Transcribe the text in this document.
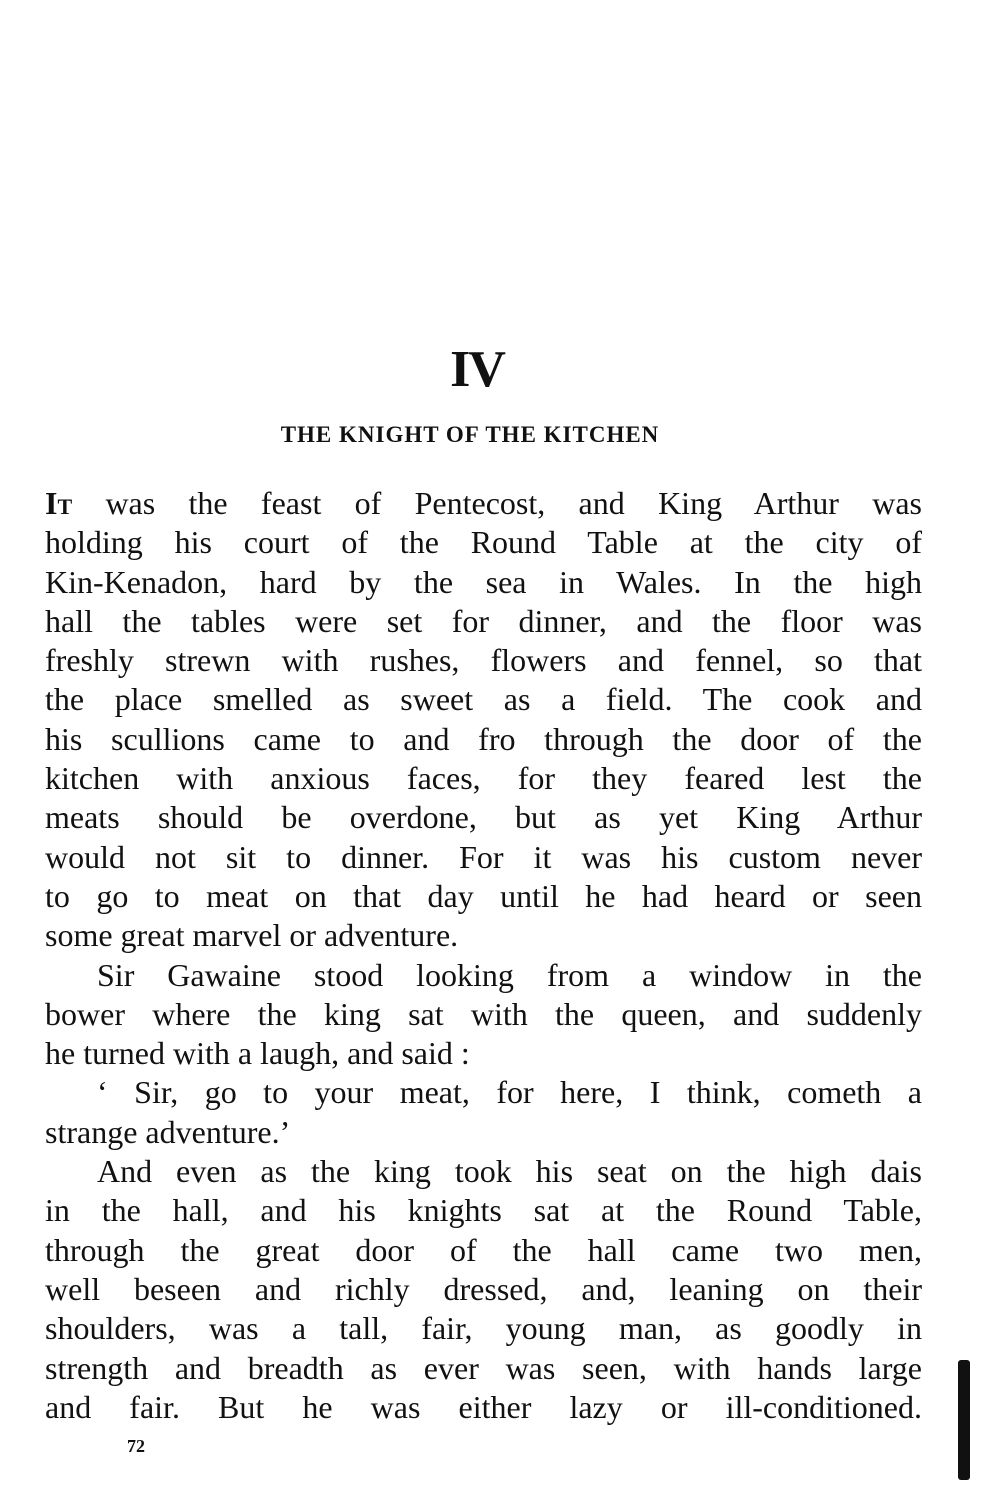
IV
THE KNIGHT OF THE KITCHEN
It was the feast of Pentecost, and King Arthur was
holding his court of the Round Table at the city of
Kin-Kenadon, hard by the sea in Wales. In the high
hall the tables were set for dinner, and the floor was
freshly strewn with rushes, flowers and fennel, so that
the place smelled as sweet as a field. The cook and
his scullions came to and fro through the door of the
kitchen with anxious faces, for they feared lest the
meats should be overdone, but as yet King Arthur
would not sit to dinner. For it was his custom never
to go to meat on that day until he had heard or seen
some great marvel or adventure.
Sir Gawaine stood looking from a window in the
bower where the king sat with the queen, and suddenly
he turned with a laugh, and said :
‘ Sir, go to your meat, for here, I think, cometh a
strange adventure.’
And even as the king took his seat on the high dais
in the hall, and his knights sat at the Round Table,
through the great door of the hall came two men,
well beseen and richly dressed, and, leaning on their
shoulders, was a tall, fair, young man, as goodly in
strength and breadth as ever was seen, with hands large
and fair. But he was either lazy or ill-conditioned.
72
